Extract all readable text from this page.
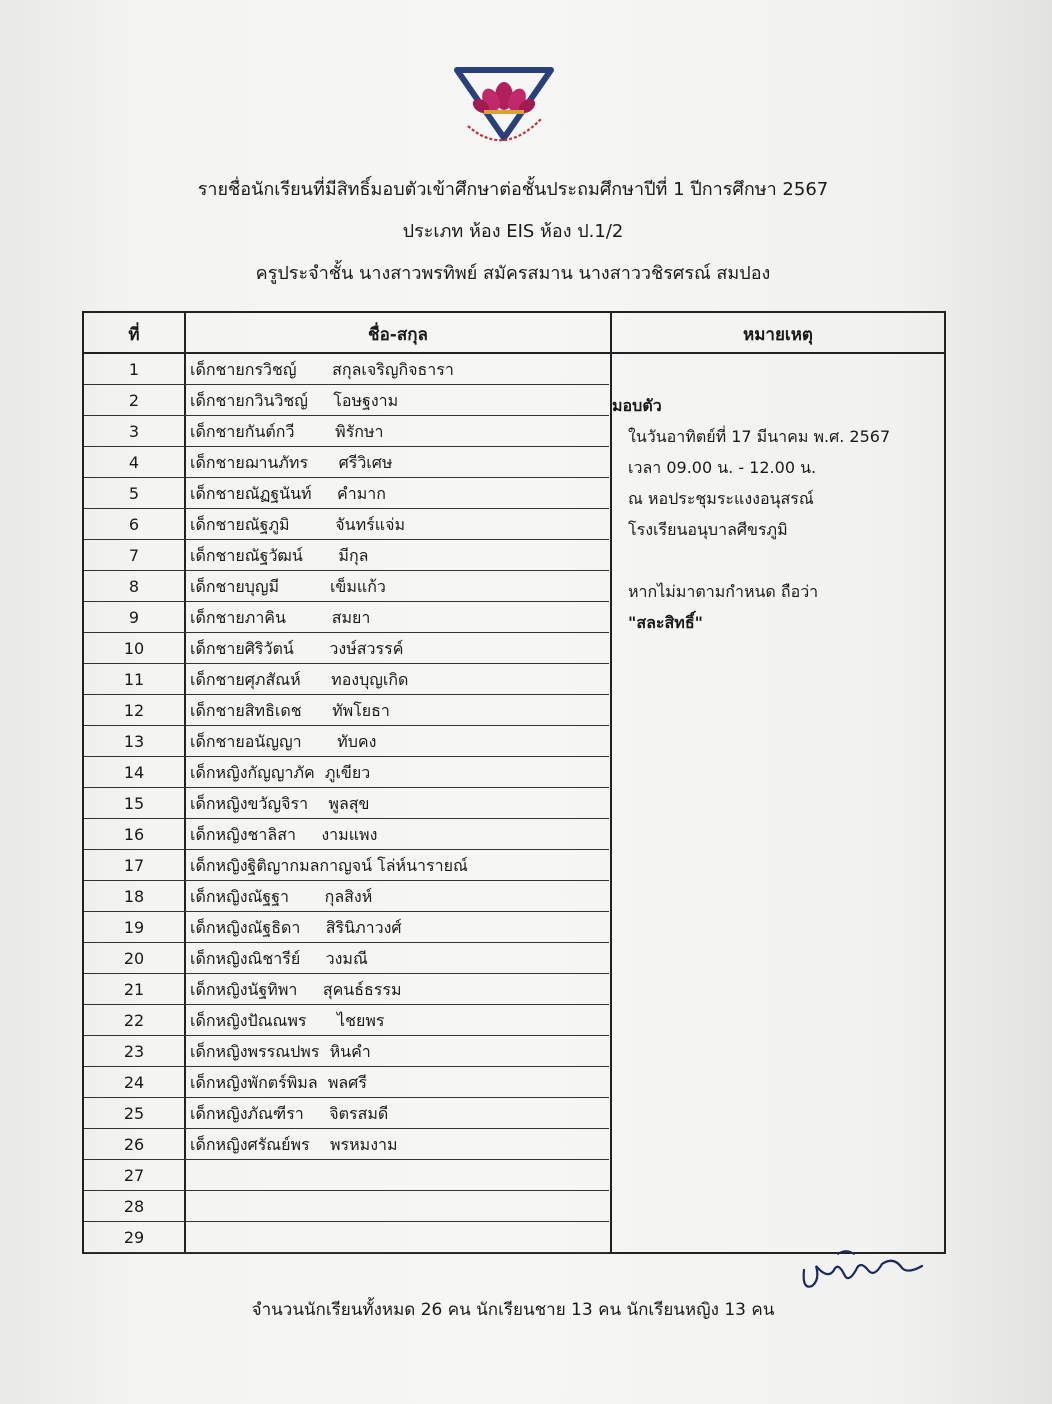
รายชื่อนักเรียนที่มีสิทธิ์มอบตัวเข้าศึกษาต่อชั้นประถมศึกษาปีที่ 1 ปีการศึกษา 2567
ประเภท ห้อง EIS ห้อง ป.1/2
ครูประจำชั้น นางสาวพรทิพย์ สมัครสมาน นางสาววชิรศรณ์ สมปอง
ที่	ชื่อ-สกุล	หมายเหตุ
1	เด็กชายกรวิชญ์       สกุลเจริญกิจธารา
2	เด็กชายกวินวิชญ์     โอษฐงาม
3	เด็กชายกันต์กวี        พิรักษา
4	เด็กชายฌานภัทร      ศรีวิเศษ
5	เด็กชายณัฏฐนันท์     คำมาก
6	เด็กชายณัฐภูมิ         จันทร์แจ่ม
7	เด็กชายณัฐวัฒน์       มีกุล
8	เด็กชายบุญมี          เข็มแก้ว
9	เด็กชายภาคิน         สมยา
10	เด็กชายศิริวัตน์       วงษ์สวรรค์
11	เด็กชายศุภสัณห์      ทองบุญเกิด
12	เด็กชายสิทธิเดช      ทัพโยธา
13	เด็กชายอนัญญา       ทับคง
14	เด็กหญิงกัญญาภัค  ภูเขียว
15	เด็กหญิงขวัญจิรา    พูลสุข
16	เด็กหญิงชาลิสา     งามแพง
17	เด็กหญิงฐิติญากมลกาญจน์ โล่ห์นารายณ์
18	เด็กหญิงณัฐฐา       กุลสิงห์
19	เด็กหญิงณัฐธิดา     สิรินิภาวงศ์
20	เด็กหญิงณิชารีย์     วงมณี
21	เด็กหญิงนัฐทิพา     สุคนธ์ธรรม
22	เด็กหญิงปัณณพร      ไชยพร
23	เด็กหญิงพรรณปพร  หินคำ
24	เด็กหญิงพักตร์พิมล  พลศรี
25	เด็กหญิงภัณฑีรา     จิตรสมดี
26	เด็กหญิงศรัณย์พร    พรหมงาม
27
28
29
มอบตัว
ในวันอาทิตย์ที่ 17 มีนาคม พ.ศ. 2567
เวลา 09.00 น. - 12.00 น.
ณ หอประชุมระแงงอนุสรณ์
โรงเรียนอนุบาลศีขรภูมิ
หากไม่มาตามกำหนด ถือว่า
"สละสิทธิ์"
จำนวนนักเรียนทั้งหมด 26 คน นักเรียนชาย 13 คน นักเรียนหญิง 13 คน
